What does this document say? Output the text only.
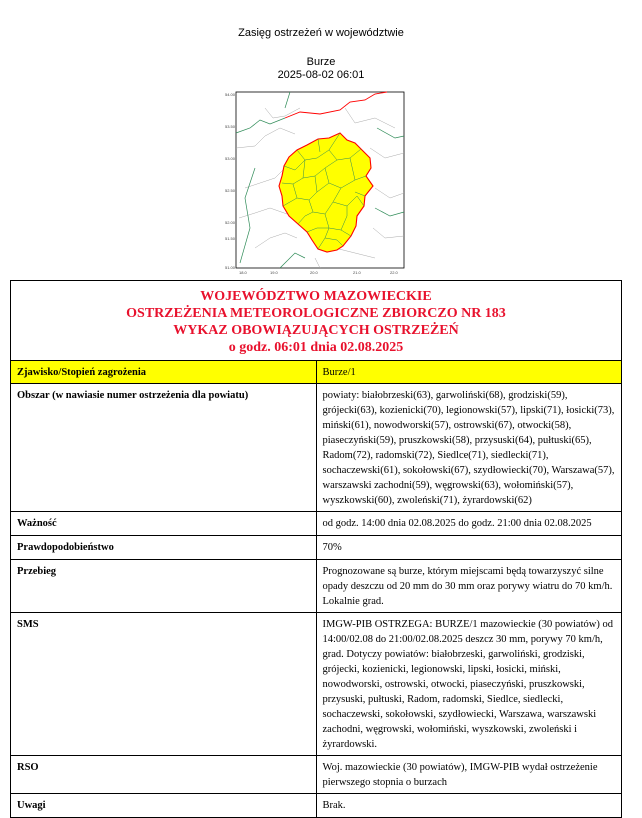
Zasięg ostrzeżeń w województwie
Burze
2025-08-02 06:01
54.00
53.50
53.00
52.50
52.00
51.50
51.00
18.0	19.0	20.0	21.0	22.0
WOJEWÓDZTWO MAZOWIECKIE
OSTRZEŻENIA METEOROLOGICZNE ZBIORCZO NR 183
WYKAZ OBOWIĄZUJĄCYCH OSTRZEŻEŃ
o godz. 06:01 dnia 02.08.2025	

Zjawisko/Stopień zagrożenia	Burze/1
Obszar (w nawiasie numer ostrzeżenia dla powiatu)	powiaty: białobrzeski(63), garwoliński(68), grodziski(59), grójecki(63), kozienicki(70), legionowski(57), lipski(71), łosicki(73), miński(61), nowodworski(57), ostrowski(67), otwocki(58), piaseczyński(59), pruszkowski(58), przysuski(64), pułtuski(65), Radom(72), radomski(72), Siedlce(71), siedlecki(71), sochaczewski(61), sokołowski(67), szydłowiecki(70), Warszawa(57), warszawski zachodni(59), węgrowski(63), wołomiński(57), wyszkowski(60), zwoleński(71), żyrardowski(62)
Ważność	od godz. 14:00 dnia 02.08.2025 do godz. 21:00 dnia 02.08.2025
Prawdopodobieństwo	70%
Przebieg	Prognozowane są burze, którym miejscami będą towarzyszyć silne opady deszczu od 20 mm do 30 mm oraz porywy wiatru do 70 km/h. Lokalnie grad.
SMS	IMGW-PIB OSTRZEGA: BURZE/1 mazowieckie (30 powiatów) od 14:00/02.08 do 21:00/02.08.2025 deszcz 30 mm, porywy 70 km/h, grad. Dotyczy powiatów: białobrzeski, garwoliński, grodziski, grójecki, kozienicki, legionowski, lipski, łosicki, miński, nowodworski, ostrowski, otwocki, piaseczyński, pruszkowski, przysuski, pułtuski, Radom, radomski, Siedlce, siedlecki, sochaczewski, sokołowski, szydłowiecki, Warszawa, warszawski zachodni, węgrowski, wołomiński, wyszkowski, zwoleński i żyrardowski.
RSO	Woj. mazowieckie (30 powiatów), IMGW-PIB wydał ostrzeżenie pierwszego stopnia o burzach
Uwagi	Brak.
